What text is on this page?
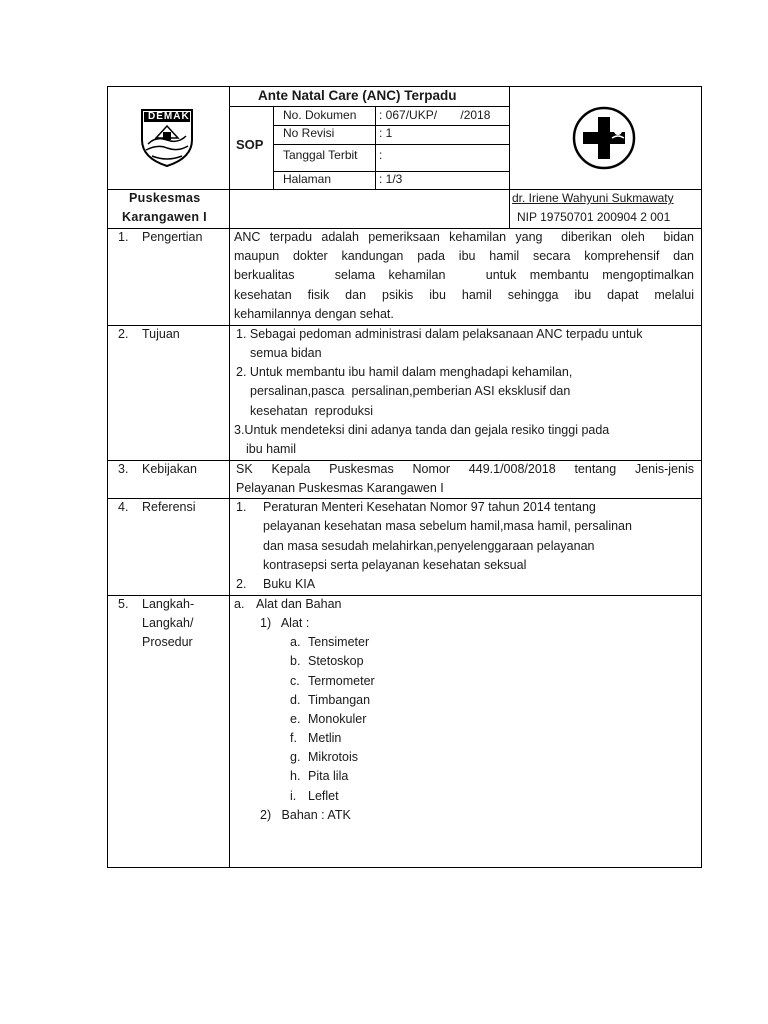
DEMAK
Ante Natal Care (ANC) Terpadu
SOP
No. Dokumen : 067/UKP/       /2018
No Revisi	: 1
Tanggal Terbit :
Halaman	: 1/3
Puskesmas
Karangawen I
dr. Iriene Wahyuni Sukmawaty
NIP 19750701 200904 2 001
1. Pengertian	ANC terpadu adalah pemeriksaan kehamilan yang  diberikan oleh  bidan
maupun dokter kandungan pada ibu hamil secara komprehensif dan
berkualitas   selama kehamilan   untuk membantu mengoptimalkan
kesehatan fisik dan psikis ibu hamil sehingga ibu dapat melalui
kehamilannya dengan sehat.
2. Tujuan	1. Sebagai pedoman administrasi dalam pelaksanaan ANC terpadu untuk
semua bidan
2. Untuk membantu ibu hamil dalam menghadapi kehamilan,
persalinan,pasca  persalinan,pemberian ASI eksklusif dan
kesehatan  reproduksi
3.Untuk mendeteksi dini adanya tanda dan gejala resiko tinggi pada
ibu hamil
3. Kebijakan	SK Kepala Puskesmas Nomor 449.1/008/2018 tentang Jenis-jenis
Pelayanan Puskesmas Karangawen I
4. Referensi	1. Peraturan Menteri Kesehatan Nomor 97 tahun 2014 tentang
pelayanan kesehatan masa sebelum hamil,masa hamil, persalinan
dan masa sesudah melahirkan,penyelenggaraan pelayanan
kontrasepsi serta pelayanan kesehatan seksual
2. Buku KIA
5. Langkah-
Langkah/
Prosedur
a. Alat dan Bahan
1)   Alat :
a. Tensimeter
b. Stetoskop
c. Termometer
d. Timbangan
e. Monokuler
f. Metlin
g. Mikrotois
h. Pita lila
i. Leflet
2)   Bahan : ATK
